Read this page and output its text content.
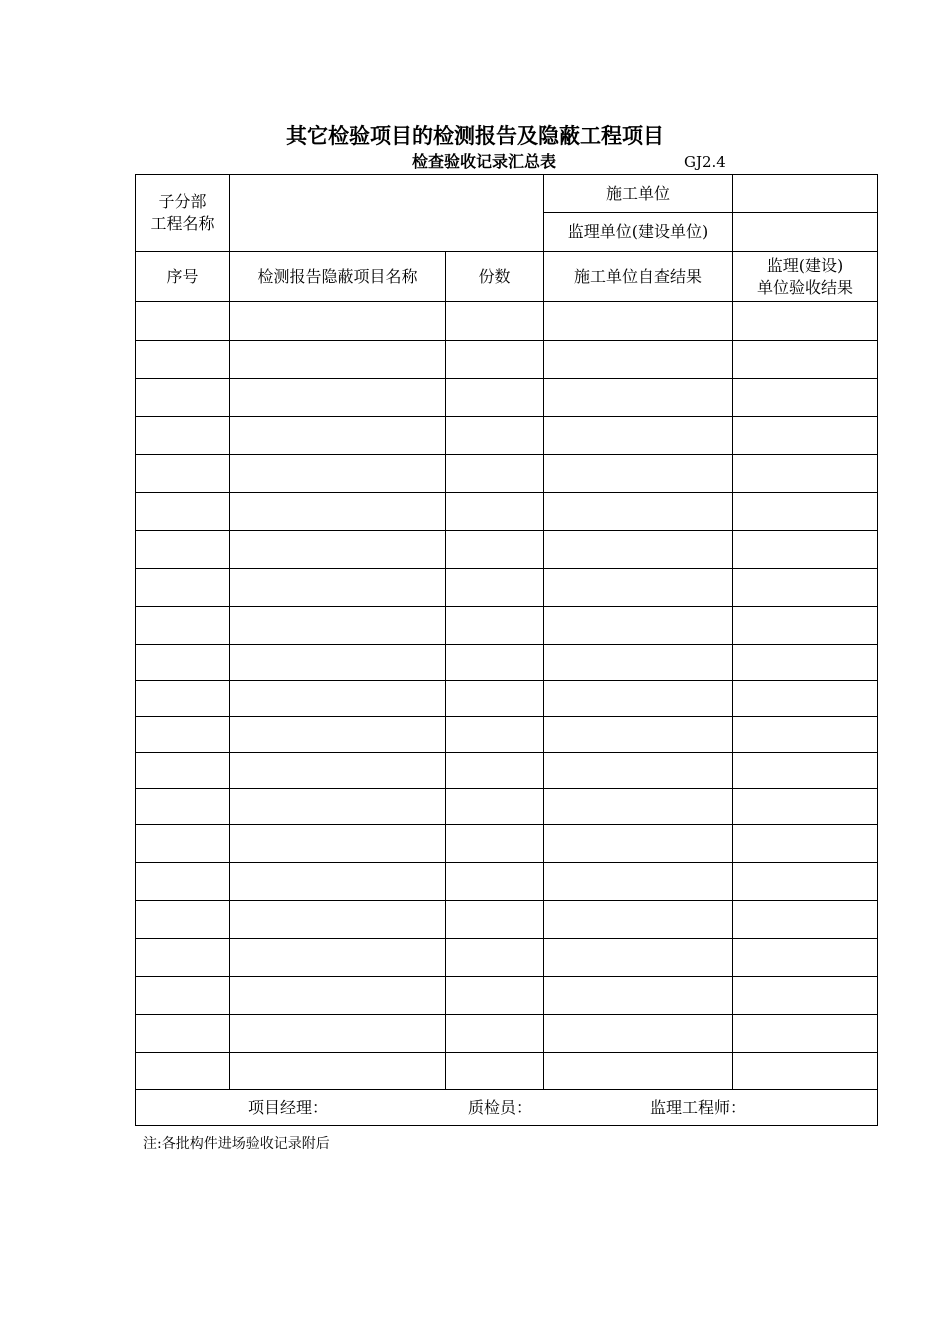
其它检验项目的检测报告及隐蔽工程项目
检查验收记录汇总表	GJ2.4
子分部
工程名称			施工单位	
			监理单位(建设单位)	
序号	检测报告隐蔽项目名称	份数	施工单位自查结果	监理(建设)
单位验收结果

项目经理： 质检员： 监理工程师：				
注:各批构件进场验收记录附后
